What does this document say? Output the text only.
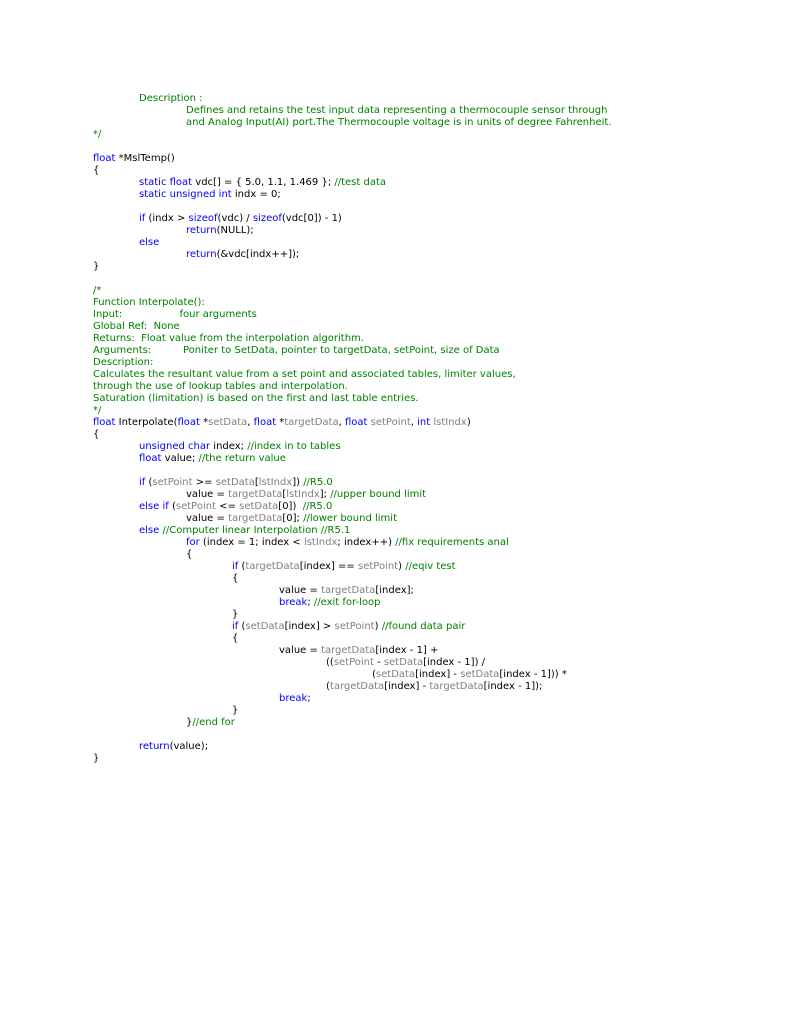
Description :
Defines and retains the test input data representing a thermocouple sensor through
and Analog Input(AI) port.The Thermocouple voltage is in units of degree Fahrenheit.
*/
float *MslTemp()
{
static float vdc[] = { 5.0, 1.1, 1.469 }; //test data
static unsigned int indx = 0;
if (indx > sizeof(vdc) / sizeof(vdc[0]) - 1)
return(NULL);
else
return(&vdc[indx++]);
}
/*
Function Interpolate():
Input:                  four arguments
Global Ref:  None
Returns:  Float value from the interpolation algorithm.
Arguments:          Poniter to SetData, pointer to targetData, setPoint, size of Data
Description:
Calculates the resultant value from a set point and associated tables, limiter values,
through the use of lookup tables and interpolation.
Saturation (limitation) is based on the first and last table entries.
*/
float Interpolate(float *setData, float *targetData, float setPoint, int lstIndx)
{
unsigned char index; //index in to tables
float value; //the return value
if (setPoint >= setData[lstIndx]) //R5.0
value = targetData[lstIndx]; //upper bound limit
else if (setPoint <= setData[0])  //R5.0
value = targetData[0]; //lower bound limit
else //Computer linear Interpolation //R5.1
for (index = 1; index < lstIndx; index++) //fix requirements anal
{
if (targetData[index] == setPoint) //eqiv test
{
value = targetData[index];
break; //exit for-loop
}
if (setData[index] > setPoint) //found data pair
{
value = targetData[index - 1] +
((setPoint - setData[index - 1]) /
(setData[index] - setData[index - 1])) *
(targetData[index] - targetData[index - 1]);
break;
}
}//end for
return(value);
}
